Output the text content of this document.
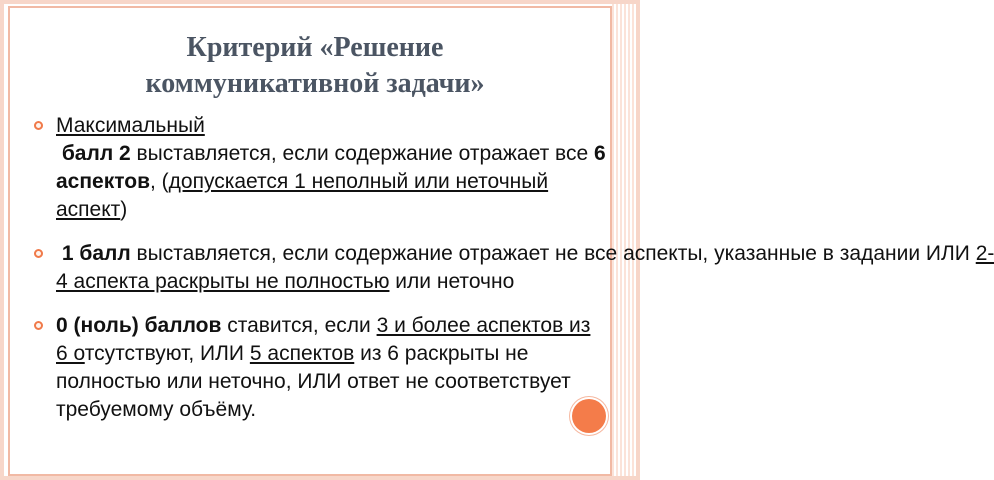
Критерий «Решение
коммуникативной задачи»
Максимальный балл 2 выставляется, если содержание отражает все 6 аспектов, (допускается 1 неполный или неточный аспект)
1 балл выставляется, если содержание отражает не все аспекты, указанные в задании ИЛИ 2-4 аспекта раскрыты не полностью или неточно
0 (ноль) баллов ставится, если 3 и более аспектов из 6 отсутствуют, ИЛИ 5 аспектов из 6 раскрыты не полностью или неточно, ИЛИ ответ не соответствует требуемому объёму.
